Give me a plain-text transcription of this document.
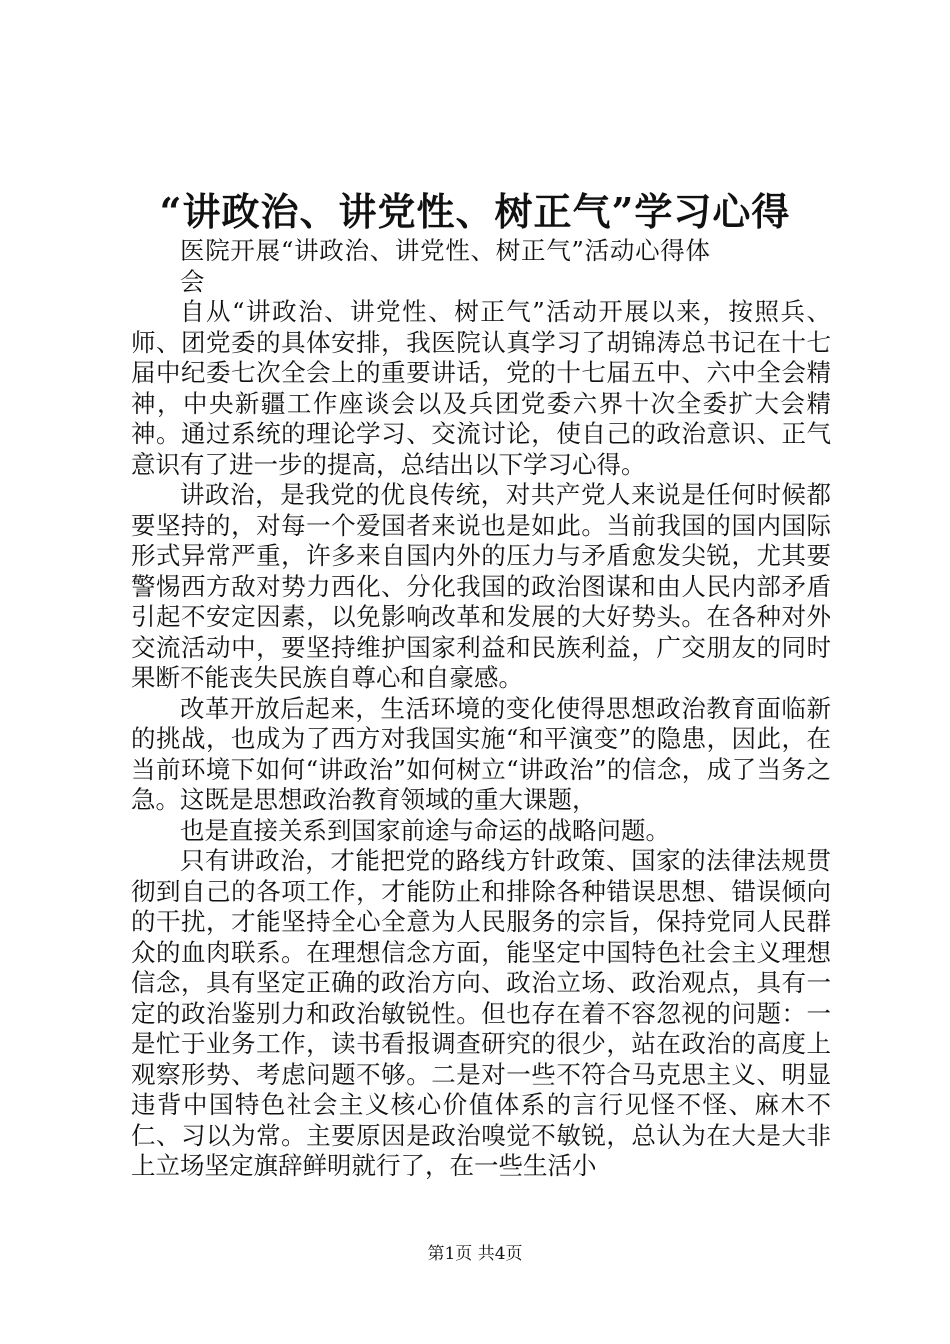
“讲政治、讲党性、树正气”学习心得
医院开展“讲政治、讲党性、树正气”活动心得体会

自从“讲政治、讲党性、树正气”活动开展以来，按照兵、师、团党委的具体安排，我医院认真学习了胡锦涛总书记在十七届中纪委七次全会上的重要讲话，党的十七届五中、六中全会精神，中央新疆工作座谈会以及兵团党委六界十次全委扩大会精神。通过系统的理论学习、交流讨论，使自己的政治意识、正气意识有了进一步的提高，总结出以下学习心得。

讲政治，是我党的优良传统，对共产党人来说是任何时候都要坚持的，对每一个爱国者来说也是如此。当前我国的国内国际形式异常严重，许多来自国内外的压力与矛盾愈发尖锐，尤其要警惕西方敌对势力西化、分化我国的政治图谋和由人民内部矛盾引起不安定因素，以免影响改革和发展的大好势头。在各种对外交流活动中，要坚持维护国家利益和民族利益，广交朋友的同时果断不能丧失民族自尊心和自豪感。

改革开放后起来，生活环境的变化使得思想政治教育面临新的挑战，也成为了西方对我国实施“和平演变”的隐患，因此，在当前环境下如何“讲政治”如何树立“讲政治”的信念，成了当务之急。这既是思想政治教育领域的重大课题，

也是直接关系到国家前途与命运的战略问题。

只有讲政治，才能把党的路线方针政策、国家的法律法规贯彻到自己的各项工作，才能防止和排除各种错误思想、错误倾向的干扰，才能坚持全心全意为人民服务的宗旨，保持党同人民群众的血肉联系。在理想信念方面，能坚定中国特色社会主义理想信念，具有坚定正确的政治方向、政治立场、政治观点，具有一定的政治鉴别力和政治敏锐性。但也存在着不容忽视的问题：一是忙于业务工作，读书看报调查研究的很少，站在政治的高度上观察形势、考虑问题不够。二是对一些不符合马克思主义、明显违背中国特色社会主义核心价值体系的言行见怪不怪、麻木不仁、习以为常。主要原因是政治嗅觉不敏锐，总认为在大是大非上立场坚定旗辞鲜明就行了，在一些生活小

第1页 共4页
